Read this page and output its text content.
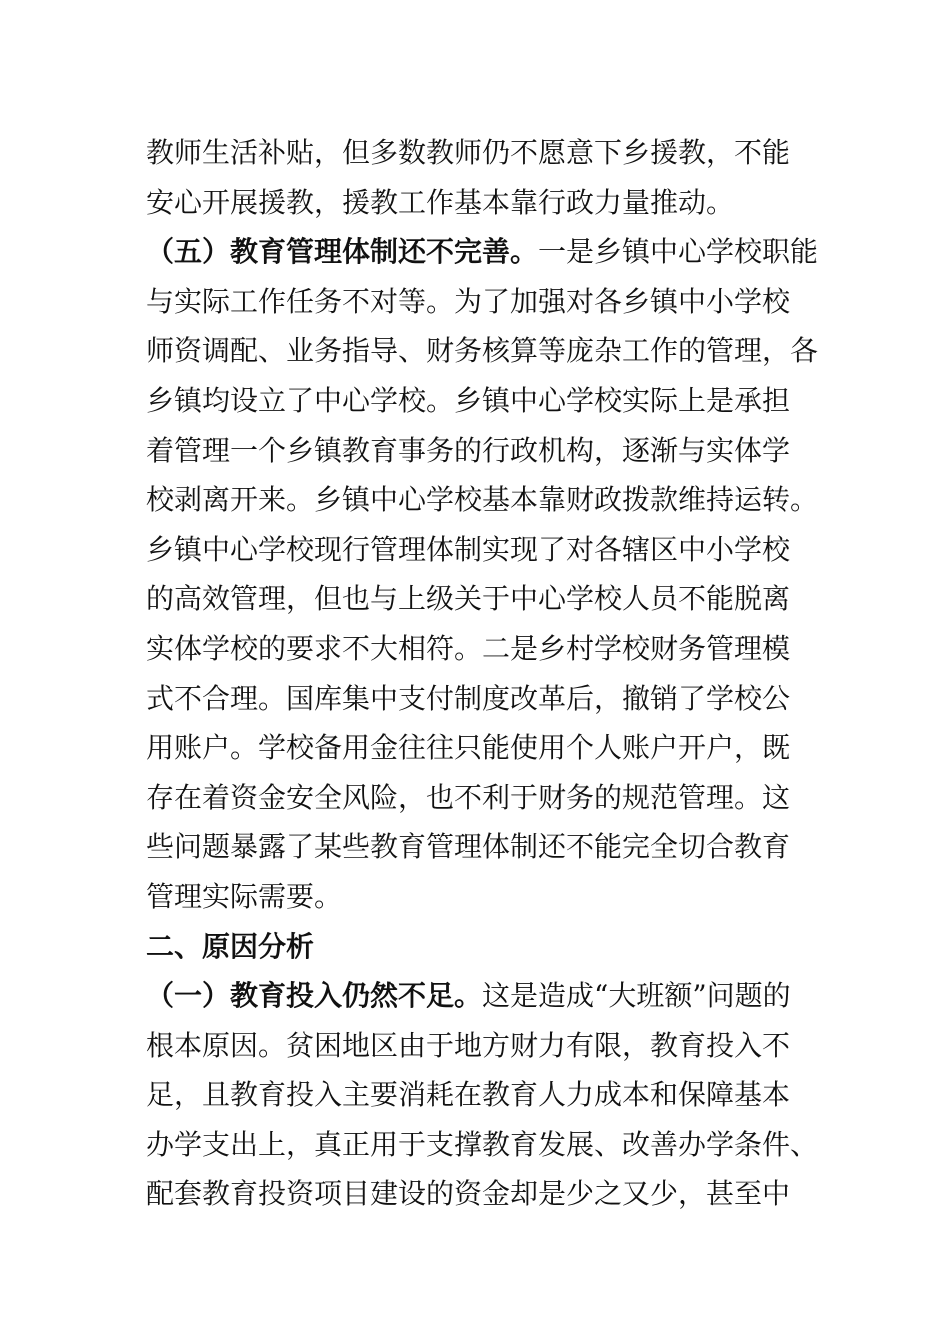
教师生活补贴，但多数教师仍不愿意下乡援教，不能
安心开展援教，援教工作基本靠行政力量推动。
（五）教育管理体制还不完善。一是乡镇中心学校职能
与实际工作任务不对等。为了加强对各乡镇中小学校
师资调配、业务指导、财务核算等庞杂工作的管理，各
乡镇均设立了中心学校。乡镇中心学校实际上是承担
着管理一个乡镇教育事务的行政机构，逐渐与实体学
校剥离开来。乡镇中心学校基本靠财政拨款维持运转。
乡镇中心学校现行管理体制实现了对各辖区中小学校
的高效管理，但也与上级关于中心学校人员不能脱离
实体学校的要求不大相符。二是乡村学校财务管理模
式不合理。国库集中支付制度改革后，撤销了学校公
用账户。学校备用金往往只能使用个人账户开户，既
存在着资金安全风险，也不利于财务的规范管理。这
些问题暴露了某些教育管理体制还不能完全切合教育
管理实际需要。
二、原因分析
（一）教育投入仍然不足。这是造成“大班额”问题的
根本原因。贫困地区由于地方财力有限，教育投入不
足，且教育投入主要消耗在教育人力成本和保障基本
办学支出上，真正用于支撑教育发展、改善办学条件、
配套教育投资项目建设的资金却是少之又少，甚至中
